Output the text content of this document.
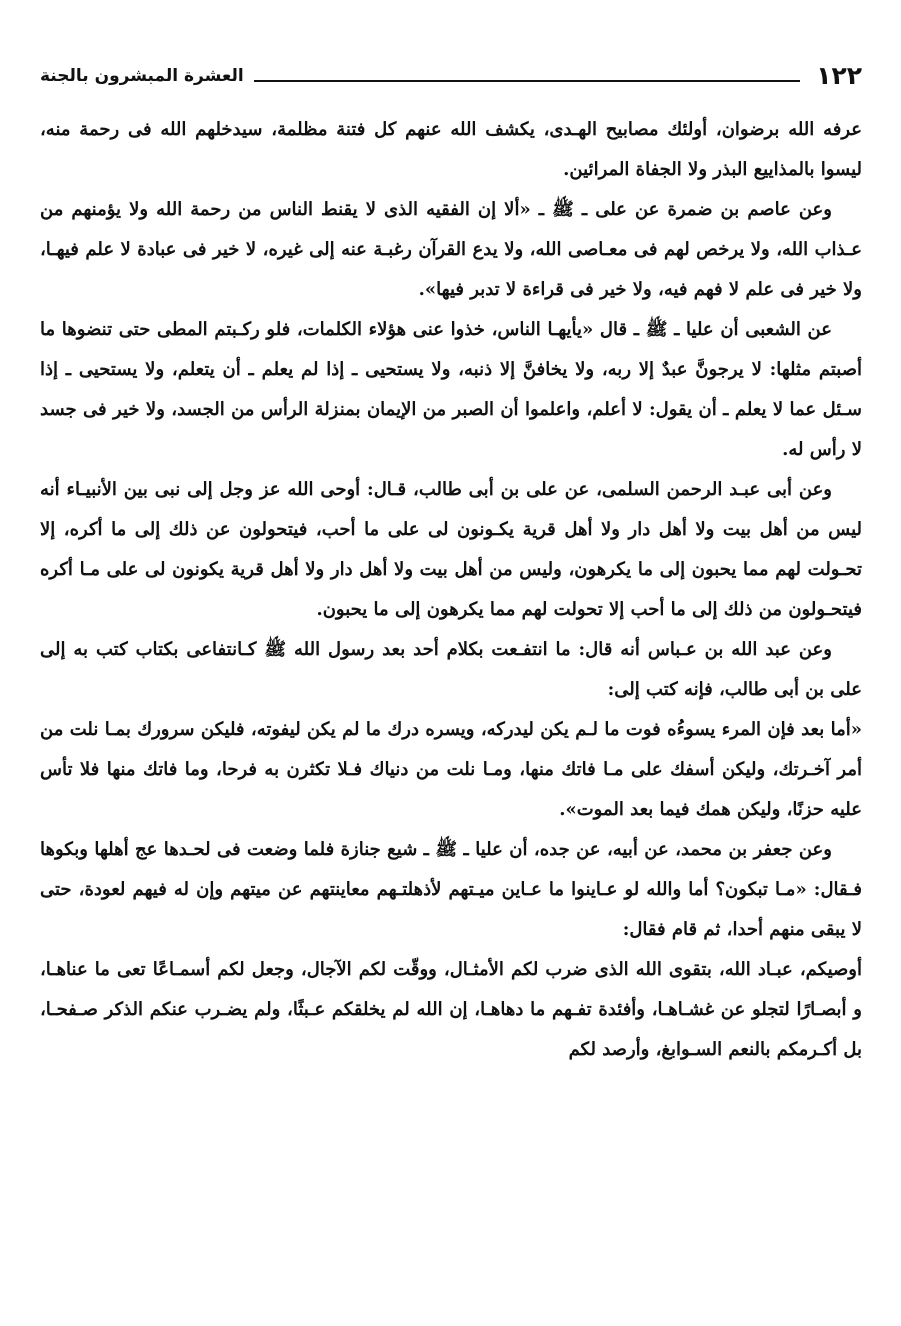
١٢٢
العشرة المبشرون بالجنة

عرفه الله برضوان، أولئك مصابيح الهـدى، يكشف الله عنهم كل فتنة مظلمة، سيدخلهم الله فى رحمة منه، ليسوا بالمذاييع البذر ولا الجفاة المرائين.

وعن عاصم بن ضمرة عن على ـ ﷺ ـ «ألا إن الفقيه الذى لا يقنط الناس من رحمة الله ولا يؤمنهم من عـذاب الله، ولا يرخص لهم فى معـاصى الله، ولا يدع القرآن رغبـة عنه إلى غيره، لا خير فى عبادة لا علم فيهـا، ولا خير فى علم لا فهم فيه، ولا خير فى قراءة لا تدبر فيها».

عن الشعبى أن عليا ـ ﷺ ـ قال «يأيهـا الناس، خذوا عنى هؤلاء الكلمات، فلو ركـبتم المطى حتى تنضوها ما أصبتم مثلها: لا يرجونَّ عبدٌ إلا ربه، ولا يخافنَّ إلا ذنبه، ولا يستحيى ـ إذا لم يعلم ـ أن يتعلم، ولا يستحيى ـ إذا سـئل عما لا يعلم ـ أن يقول: لا أعلم، واعلموا أن الصبر من الإيمان بمنزلة الرأس من الجسد، ولا خير فى جسد لا رأس له.

وعن أبى عبـد الرحمن السلمى، عن على بن أبى طالب، قـال: أوحى الله عز وجل إلى نبى بين الأنبيـاء أنه ليس من أهل بيت ولا أهل دار ولا أهل قرية يكـونون لى على ما أحب، فيتحولون عن ذلك إلى ما أكره، إلا تحـولت لهم مما يحبون إلى ما يكرهون، وليس من أهل بيت ولا أهل دار ولا أهل قرية يكونون لى على مـا أكره فيتحـولون من ذلك إلى ما أحب إلا تحولت لهم مما يكرهون إلى ما يحبون.

وعن عبد الله بن عـباس أنه قال: ما انتفـعت بكلام أحد بعد رسول الله ﷺ كـانتفاعى بكتاب كتب به إلى على بن أبى طالب، فإنه كتب إلى:

«أما بعد فإن المرء يسوءُه فوت ما لـم يكن ليدركه، ويسره درك ما لم يكن ليفوته، فليكن سرورك بمـا نلت من أمر آخـرتك، وليكن أسفك على مـا فاتك منها، ومـا نلت من دنياك فـلا تكثرن به فرحا، وما فاتك منها فلا تأس عليه حزنًا، وليكن همك فيما بعد الموت».

وعن جعفر بن محمد، عن أبيه، عن جده، أن عليا ـ ﷺ ـ شيع جنازة فلما وضعت فى لحـدها عج أهلها وبكوها فـقال: «مـا تبكون؟ أما والله لو عـاينوا ما عـاين ميـتهم لأذهلتـهم معاينتهم عن ميتهم وإن له فيهم لعودة، حتى لا يبقى منهم أحدا، ثم قام فقال:

أوصيكم، عبـاد الله، بتقوى الله الذى ضرب لكم الأمثـال، ووقّت لكم الآجال، وجعل لكم أسمـاعًا تعى ما عناهـا، و أبصـارًا لتجلو عن غشـاهـا، وأفئدة تفـهم ما دهاهـا، إن الله لم يخلقكم عـبثًا، ولم يضـرب عنكم الذكر صـفحـا، بل أكـرمكم بالنعم السـوابغ، وأرصد لكم
